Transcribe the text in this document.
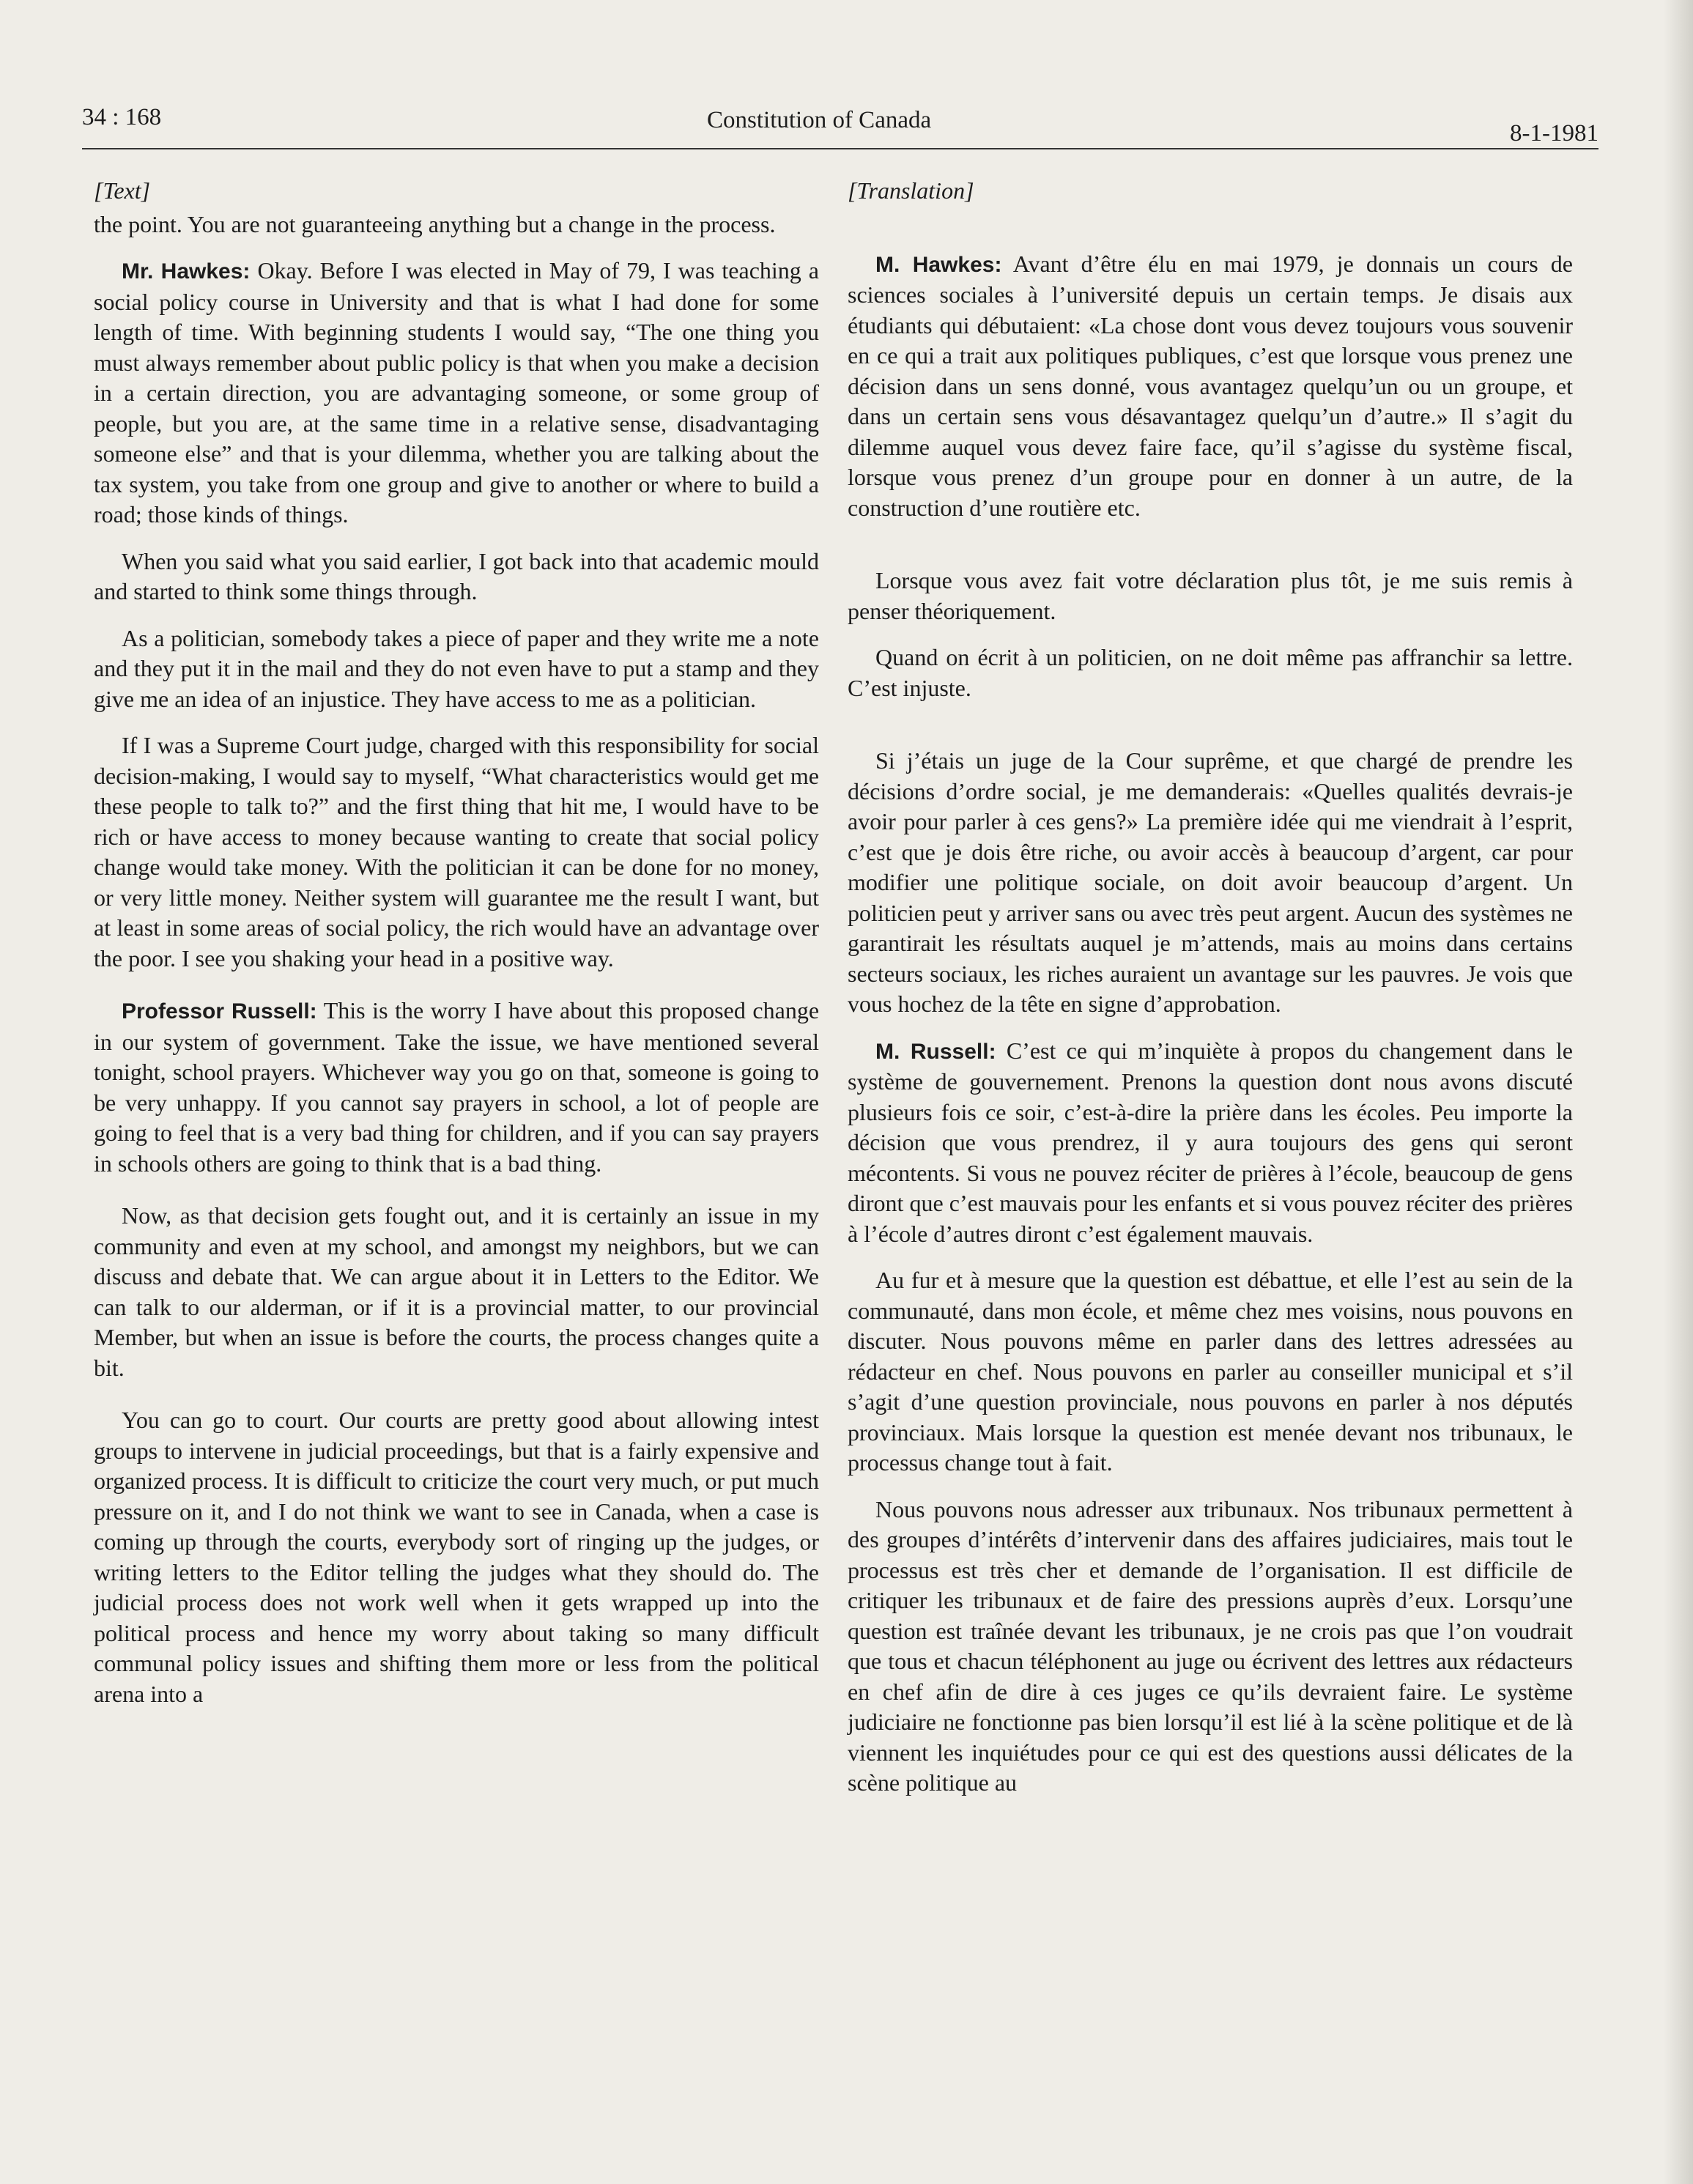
34 : 168	Constitution of Canada	8-1-1981

[Text]

the point. You are not guaranteeing anything but a change in the process.

Mr. Hawkes: Okay. Before I was elected in May of 79, I was teaching a social policy course in University and that is what I had done for some length of time. With beginning students I would say, “The one thing you must always remember about public policy is that when you make a decision in a certain direction, you are advantaging someone, or some group of people, but you are, at the same time in a relative sense, disadvantaging someone else” and that is your dilemma, whether you are talking about the tax system, you take from one group and give to another or where to build a road; those kinds of things.

When you said what you said earlier, I got back into that academic mould and started to think some things through.

As a politician, somebody takes a piece of paper and they write me a note and they put it in the mail and they do not even have to put a stamp and they give me an idea of an injustice. They have access to me as a politician.

If I was a Supreme Court judge, charged with this responsibility for social decision-making, I would say to myself, “What characteristics would get me these people to talk to?” and the first thing that hit me, I would have to be rich or have access to money because wanting to create that social policy change would take money. With the politician it can be done for no money, or very little money. Neither system will guarantee me the result I want, but at least in some areas of social policy, the rich would have an advantage over the poor. I see you shaking your head in a positive way.

Professor Russell: This is the worry I have about this proposed change in our system of government. Take the issue, we have mentioned several tonight, school prayers. Whichever way you go on that, someone is going to be very unhappy. If you cannot say prayers in school, a lot of people are going to feel that is a very bad thing for children, and if you can say prayers in schools others are going to think that is a bad thing.

Now, as that decision gets fought out, and it is certainly an issue in my community and even at my school, and amongst my neighbors, but we can discuss and debate that. We can argue about it in Letters to the Editor. We can talk to our alderman, or if it is a provincial matter, to our provincial Member, but when an issue is before the courts, the process changes quite a bit.

You can go to court. Our courts are pretty good about allowing intest groups to intervene in judicial proceedings, but that is a fairly expensive and organized process. It is difficult to criticize the court very much, or put much pressure on it, and I do not think we want to see in Canada, when a case is coming up through the courts, everybody sort of ringing up the judges, or writing letters to the Editor telling the judges what they should do. The judicial process does not work well when it gets wrapped up into the political process and hence my worry about taking so many difficult communal policy issues and shifting them more or less from the political arena into a

[Translation]

M. Hawkes: Avant d’être élu en mai 1979, je donnais un cours de sciences sociales à l’université depuis un certain temps. Je disais aux étudiants qui débutaient: «La chose dont vous devez toujours vous souvenir en ce qui a trait aux politiques publiques, c’est que lorsque vous prenez une décision dans un sens donné, vous avantagez quelqu’un ou un groupe, et dans un certain sens vous désavantagez quelqu’un d’autre.» Il s’agit du dilemme auquel vous devez faire face, qu’il s’agisse du système fiscal, lorsque vous prenez d’un groupe pour en donner à un autre, de la construction d’une routière etc.

Lorsque vous avez fait votre déclaration plus tôt, je me suis remis à penser théoriquement.

Quand on écrit à un politicien, on ne doit même pas affranchir sa lettre. C’est injuste.

Si j’étais un juge de la Cour suprême, et que chargé de prendre les décisions d’ordre social, je me demanderais: «Quelles qualités devrais-je avoir pour parler à ces gens?» La première idée qui me viendrait à l’esprit, c’est que je dois être riche, ou avoir accès à beaucoup d’argent, car pour modifier une politique sociale, on doit avoir beaucoup d’argent. Un politicien peut y arriver sans ou avec très peut argent. Aucun des systèmes ne garantirait les résultats auquel je m’attends, mais au moins dans certains secteurs sociaux, les riches auraient un avantage sur les pauvres. Je vois que vous hochez de la tête en signe d’approbation.

M. Russell: C’est ce qui m’inquiète à propos du changement dans le système de gouvernement. Prenons la question dont nous avons discuté plusieurs fois ce soir, c’est-à-dire la prière dans les écoles. Peu importe la décision que vous prendrez, il y aura toujours des gens qui seront mécontents. Si vous ne pouvez réciter de prières à l’école, beaucoup de gens diront que c’est mauvais pour les enfants et si vous pouvez réciter des prières à l’école d’autres diront c’est également mauvais.

Au fur et à mesure que la question est débattue, et elle l’est au sein de la communauté, dans mon école, et même chez mes voisins, nous pouvons en discuter. Nous pouvons même en parler dans des lettres adressées au rédacteur en chef. Nous pouvons en parler au conseiller municipal et s’il s’agit d’une question provinciale, nous pouvons en parler à nos députés provinciaux. Mais lorsque la question est menée devant nos tribunaux, le processus change tout à fait.

Nous pouvons nous adresser aux tribunaux. Nos tribunaux permettent à des groupes d’intérêts d’intervenir dans des affaires judiciaires, mais tout le processus est très cher et demande de l’organisation. Il est difficile de critiquer les tribunaux et de faire des pressions auprès d’eux. Lorsqu’une question est traînée devant les tribunaux, je ne crois pas que l’on voudrait que tous et chacun téléphonent au juge ou écrivent des lettres aux rédacteurs en chef afin de dire à ces juges ce qu’ils devraient faire. Le système judiciaire ne fonctionne pas bien lorsqu’il est lié à la scène politique et de là viennent les inquiétudes pour ce qui est des questions aussi délicates de la scène politique au
